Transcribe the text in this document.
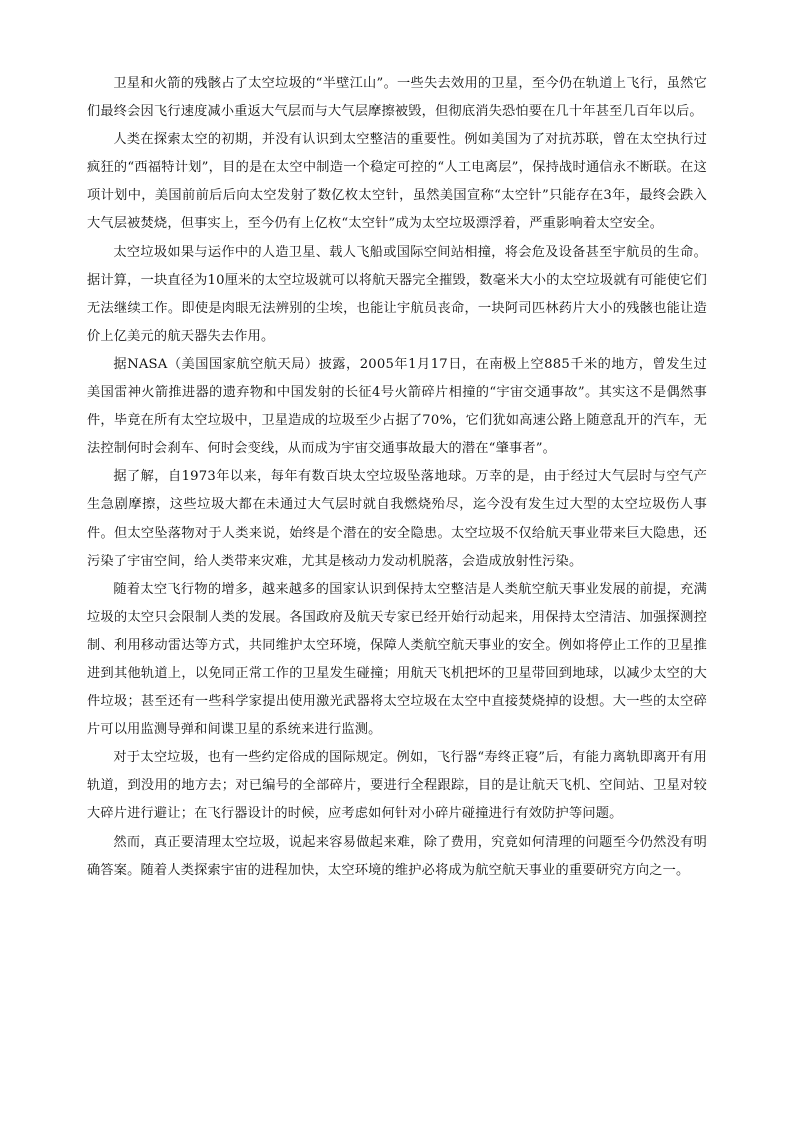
卫星和火箭的残骸占了太空垃圾的“半壁江山”。一些失去效用的卫星，至今仍在轨道上飞行，虽然它们最终会因飞行速度减小重返大气层而与大气层摩擦被毁，但彻底消失恐怕要在几十年甚至几百年以后。

人类在探索太空的初期，并没有认识到太空整洁的重要性。例如美国为了对抗苏联，曾在太空执行过疯狂的“西福特计划”，目的是在太空中制造一个稳定可控的“人工电离层”，保持战时通信永不断联。在这项计划中，美国前前后后向太空发射了数亿枚太空针，虽然美国宣称“太空针”只能存在3年，最终会跌入大气层被焚烧，但事实上，至今仍有上亿枚“太空针”成为太空垃圾漂浮着，严重影响着太空安全。

太空垃圾如果与运作中的人造卫星、载人飞船或国际空间站相撞，将会危及设备甚至宇航员的生命。据计算，一块直径为10厘米的太空垃圾就可以将航天器完全摧毁，数毫米大小的太空垃圾就有可能使它们无法继续工作。即使是肉眼无法辨别的尘埃，也能让宇航员丧命，一块阿司匹林药片大小的残骸也能让造价上亿美元的航天器失去作用。

据NASA（美国国家航空航天局）披露，2005年1月17日，在南极上空885千米的地方，曾发生过美国雷神火箭推进器的遗弃物和中国发射的长征4号火箭碎片相撞的“宇宙交通事故”。其实这不是偶然事件，毕竟在所有太空垃圾中，卫星造成的垃圾至少占据了70%，它们犹如高速公路上随意乱开的汽车，无法控制何时会刹车、何时会变线，从而成为宇宙交通事故最大的潜在“肇事者”。

据了解，自1973年以来，每年有数百块太空垃圾坠落地球。万幸的是，由于经过大气层时与空气产生急剧摩擦，这些垃圾大都在未通过大气层时就自我燃烧殆尽，迄今没有发生过大型的太空垃圾伤人事件。但太空坠落物对于人类来说，始终是个潜在的安全隐患。太空垃圾不仅给航天事业带来巨大隐患，还污染了宇宙空间，给人类带来灾难，尤其是核动力发动机脱落，会造成放射性污染。

随着太空飞行物的增多，越来越多的国家认识到保持太空整洁是人类航空航天事业发展的前提，充满垃圾的太空只会限制人类的发展。各国政府及航天专家已经开始行动起来，用保持太空清洁、加强探测控制、利用移动雷达等方式，共同维护太空环境，保障人类航空航天事业的安全。例如将停止工作的卫星推进到其他轨道上，以免同正常工作的卫星发生碰撞；用航天飞机把坏的卫星带回到地球，以减少太空的大件垃圾；甚至还有一些科学家提出使用激光武器将太空垃圾在太空中直接焚烧掉的设想。大一些的太空碎片可以用监测导弹和间谍卫星的系统来进行监测。

对于太空垃圾，也有一些约定俗成的国际规定。例如，飞行器“寿终正寝”后，有能力离轨即离开有用轨道，到没用的地方去；对已编号的全部碎片，要进行全程跟踪，目的是让航天飞机、空间站、卫星对较大碎片进行避让；在飞行器设计的时候，应考虑如何针对小碎片碰撞进行有效防护等问题。

然而，真正要清理太空垃圾，说起来容易做起来难，除了费用，究竟如何清理的问题至今仍然没有明确答案。随着人类探索宇宙的进程加快，太空环境的维护必将成为航空航天事业的重要研究方向之一。
